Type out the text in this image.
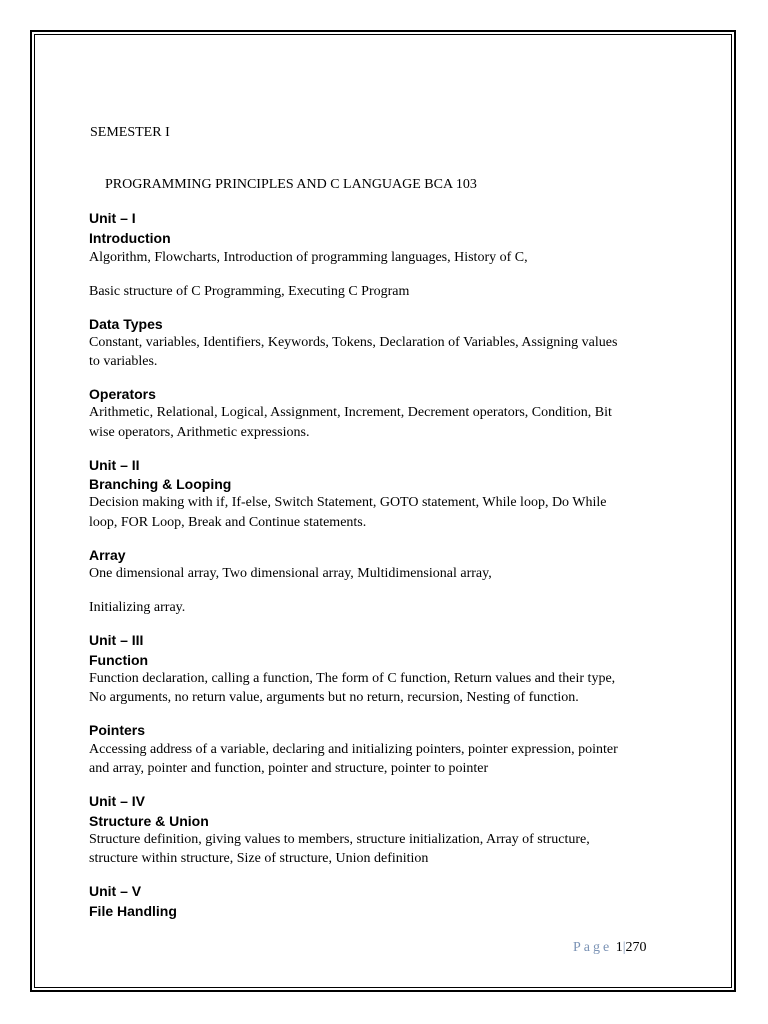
SEMESTER I
PROGRAMMING PRINCIPLES AND C LANGUAGE BCA 103
Unit – I
Introduction
Algorithm, Flowcharts, Introduction of programming languages, History of C,
Basic structure of C Programming, Executing C Program
Data Types
Constant, variables, Identifiers, Keywords, Tokens, Declaration of Variables, Assigning values
to variables.
Operators
Arithmetic, Relational, Logical, Assignment, Increment, Decrement operators, Condition, Bit
wise operators, Arithmetic expressions.
Unit – II
Branching & Looping
Decision making with if, If-else, Switch Statement, GOTO statement, While loop, Do While
loop, FOR Loop, Break and Continue statements.
Array
One dimensional array, Two dimensional array, Multidimensional array,
Initializing array.
Unit – III
Function
Function declaration, calling a function, The form of C function, Return values and their type,
No arguments, no return value, arguments but no return, recursion, Nesting of function.
Pointers
Accessing address of a variable, declaring and initializing pointers, pointer expression, pointer
and array, pointer and function, pointer and structure, pointer to pointer
Unit – IV
Structure & Union
Structure definition, giving values to members, structure initialization, Array of structure,
structure within structure, Size of structure, Union definition
Unit – V
File Handling
Page 1|270
